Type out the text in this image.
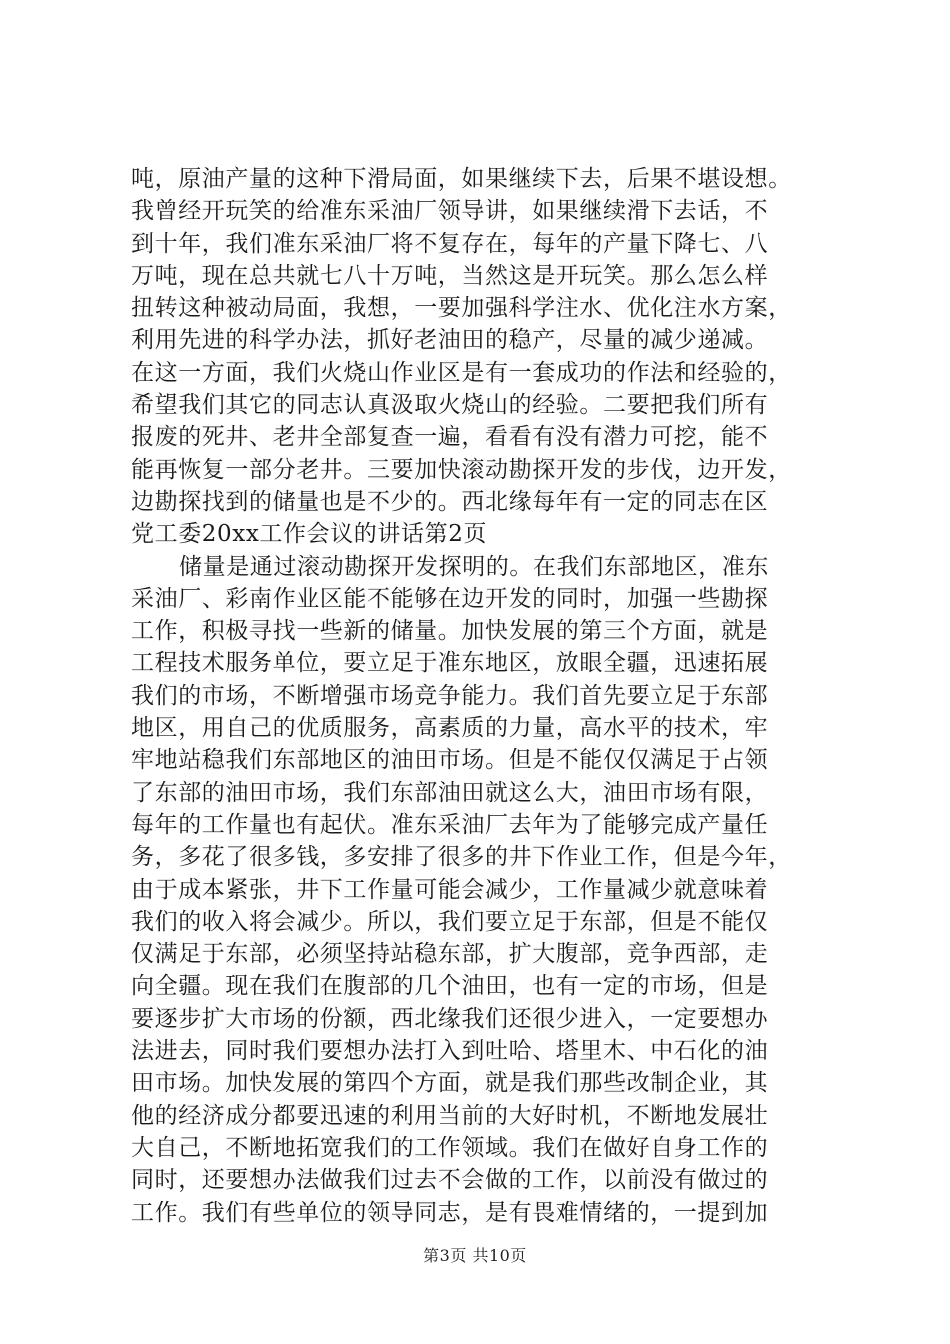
吨，原油产量的这种下滑局面，如果继续下去，后果不堪设想。
我曾经开玩笑的给准东采油厂领导讲，如果继续滑下去话，不
到十年，我们准东采油厂将不复存在，每年的产量下降七、八
万吨，现在总共就七八十万吨，当然这是开玩笑。那么怎么样
扭转这种被动局面，我想，一要加强科学注水、优化注水方案，
利用先进的科学办法，抓好老油田的稳产，尽量的减少递减。
在这一方面，我们火烧山作业区是有一套成功的作法和经验的，
希望我们其它的同志认真汲取火烧山的经验。二要把我们所有
报废的死井、老井全部复查一遍，看看有没有潜力可挖，能不
能再恢复一部分老井。三要加快滚动勘探开发的步伐，边开发，
边勘探找到的储量也是不少的。西北缘每年有一定的同志在区
党工委20xx工作会议的讲话第2页
储量是通过滚动勘探开发探明的。在我们东部地区，准东
采油厂、彩南作业区能不能够在边开发的同时，加强一些勘探
工作，积极寻找一些新的储量。加快发展的第三个方面，就是
工程技术服务单位，要立足于准东地区，放眼全疆，迅速拓展
我们的市场，不断增强市场竞争能力。我们首先要立足于东部
地区，用自己的优质服务，高素质的力量，高水平的技术，牢
牢地站稳我们东部地区的油田市场。但是不能仅仅满足于占领
了东部的油田市场，我们东部油田就这么大，油田市场有限，
每年的工作量也有起伏。准东采油厂去年为了能够完成产量任
务，多花了很多钱，多安排了很多的井下作业工作，但是今年，
由于成本紧张，井下工作量可能会减少，工作量减少就意味着
我们的收入将会减少。所以，我们要立足于东部，但是不能仅
仅满足于东部，必须坚持站稳东部，扩大腹部，竞争西部，走
向全疆。现在我们在腹部的几个油田，也有一定的市场，但是
要逐步扩大市场的份额，西北缘我们还很少进入，一定要想办
法进去，同时我们要想办法打入到吐哈、塔里木、中石化的油
田市场。加快发展的第四个方面，就是我们那些改制企业，其
他的经济成分都要迅速的利用当前的大好时机，不断地发展壮
大自己，不断地拓宽我们的工作领域。我们在做好自身工作的
同时，还要想办法做我们过去不会做的工作，以前没有做过的
工作。我们有些单位的领导同志，是有畏难情绪的，一提到加
第3页 共10页
